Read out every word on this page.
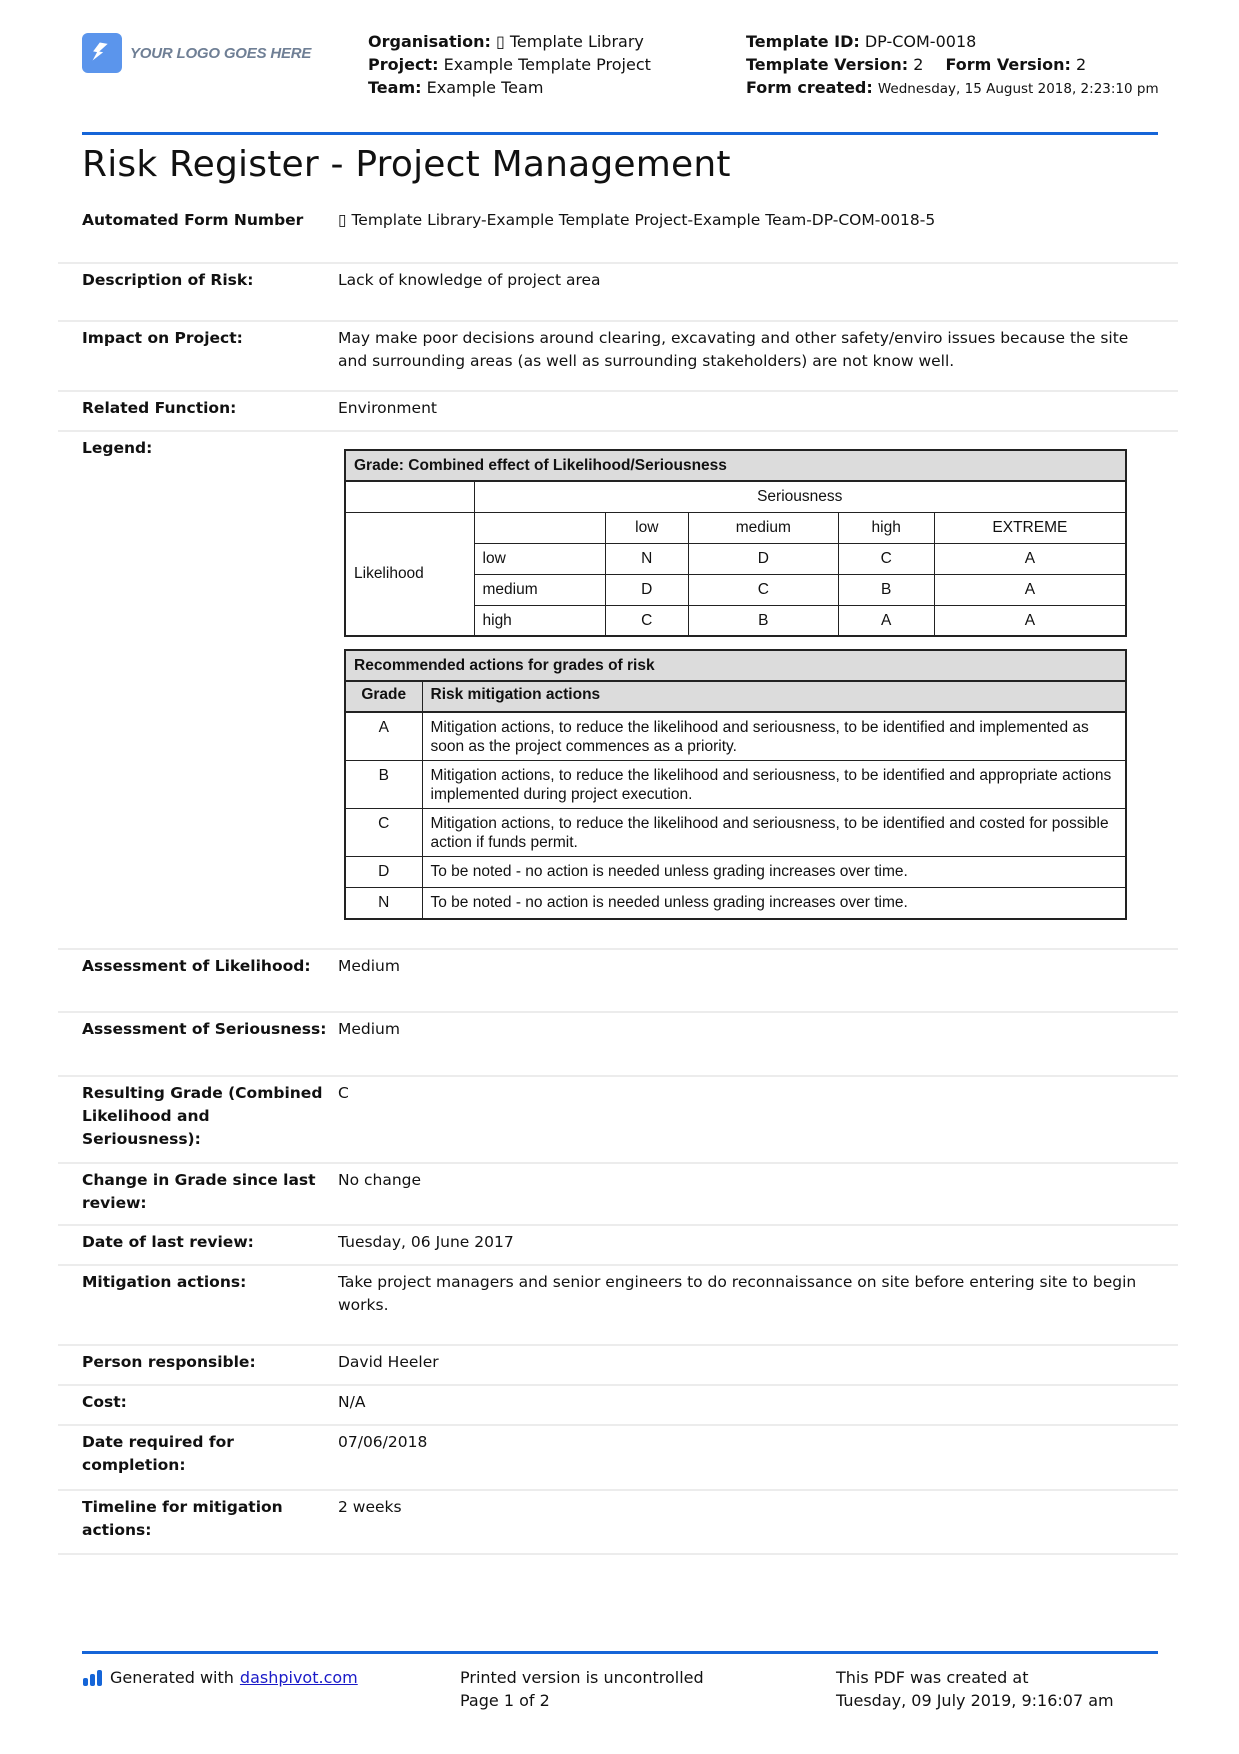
YOUR LOGO GOES HERE
Organisation: ▯ Template Library
Project: Example Template Project
Team: Example Team
Template ID: DP-COM-0018
Template Version: 2 Form Version: 2
Form created: Wednesday, 15 August 2018, 2:23:10 pm
Risk Register - Project Management
Automated Form Number	▯ Template Library-Example Template Project-Example Team-DP-COM-0018-5
Description of Risk:	Lack of knowledge of project area
Impact on Project:	May make poor decisions around clearing, excavating and other safety/enviro issues because the site and surrounding areas (as well as surrounding stakeholders) are not know well.
Related Function:	Environment
Legend:
Grade: Combined effect of Likelihood/Seriousness					
	Seriousness				
Likelihood		low	medium	high	EXTREME
	low	N	D	C	A
	medium	D	C	B	A
	high	C	B	A	A
Recommended actions for grades of risk	
Grade	Risk mitigation actions
A	Mitigation actions, to reduce the likelihood and seriousness, to be identified and implemented as soon as the project commences as a priority.
B	Mitigation actions, to reduce the likelihood and seriousness, to be identified and appropriate actions implemented during project execution.
C	Mitigation actions, to reduce the likelihood and seriousness, to be identified and costed for possible action if funds permit.
D	To be noted - no action is needed unless grading increases over time.
N	To be noted - no action is needed unless grading increases over time.
Assessment of Likelihood:	Medium
Assessment of Seriousness: Medium
Resulting Grade (Combined Likelihood and Seriousness):
C
Change in Grade since last review:
No change
Date of last review:	Tuesday, 06 June 2017
Mitigation actions:	Take project managers and senior engineers to do reconnaissance on site before entering site to begin works.
Person responsible:	David Heeler
Cost:	N/A
Date required for completion:
07/06/2018
Timeline for mitigation actions:
2 weeks
Generated with dashpivot.com	Printed version is uncontrolled
Page 1 of 2
This PDF was created at
Tuesday, 09 July 2019, 9:16:07 am
